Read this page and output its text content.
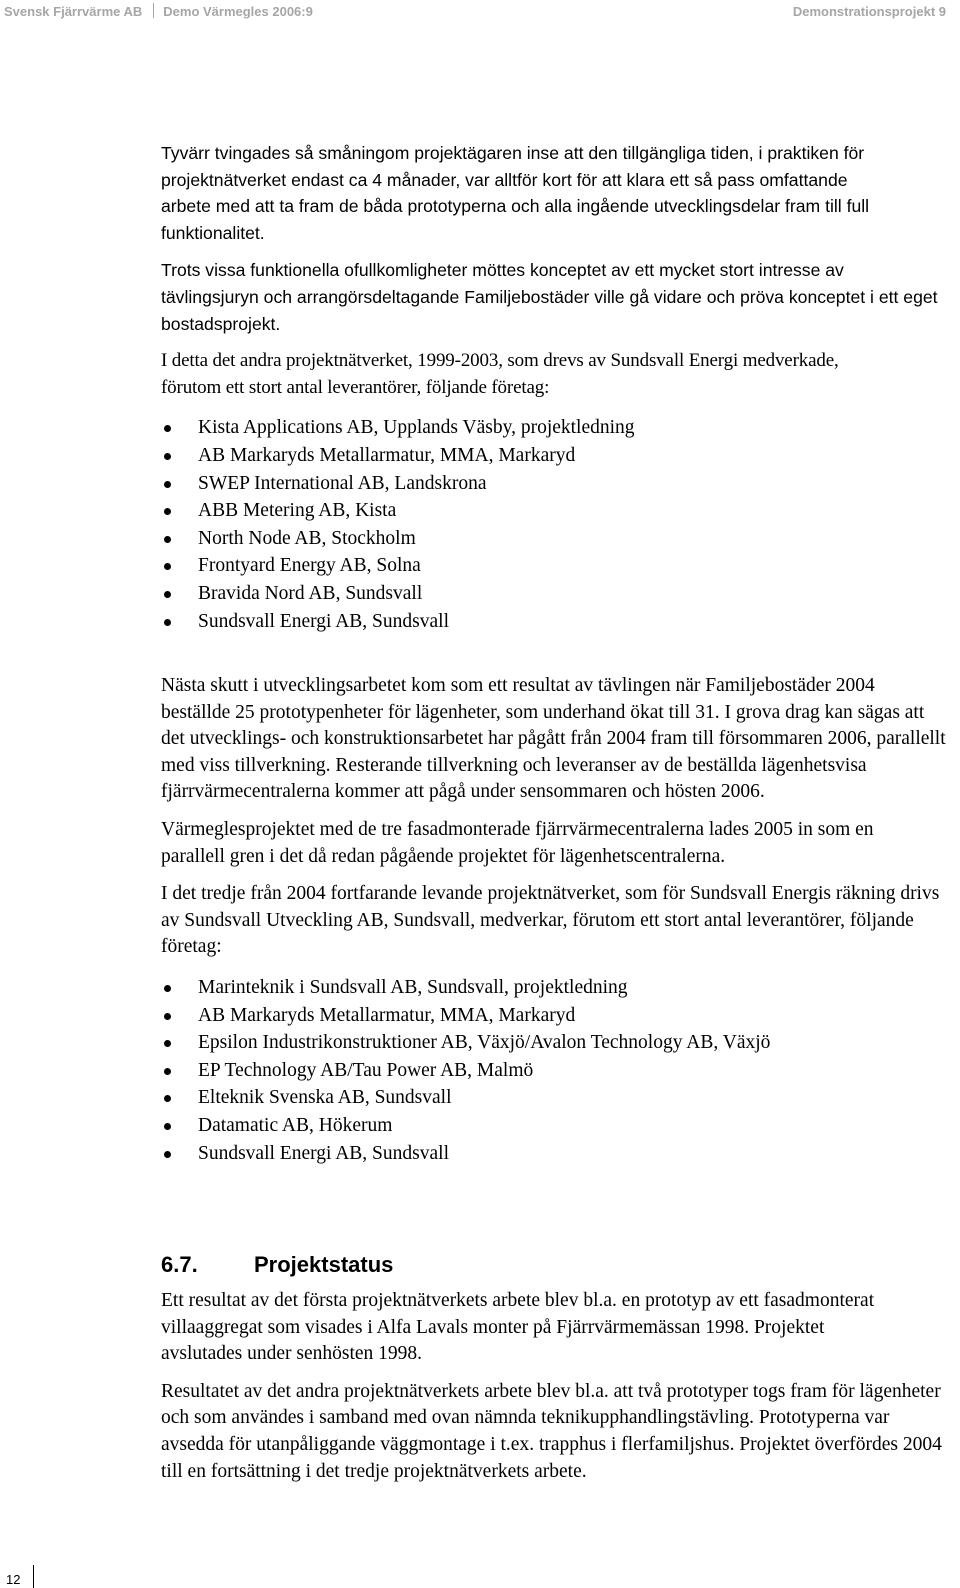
Svensk Fjärrvärme AB Demo Värmegles 2006:9	Demonstrationsprojekt 9

Tyvärr tvingades så småningom projektägaren inse att den tillgängliga tiden, i praktiken för projektnätverket endast ca 4 månader, var alltför kort för att klara ett så pass omfattande arbete med att ta fram de båda prototyperna och alla ingående utvecklingsdelar fram till full funktionalitet.

Trots vissa funktionella ofullkomligheter möttes konceptet av ett mycket stort intresse av tävlingsjuryn och arrangörsdeltagande Familjebostäder ville gå vidare och pröva konceptet i ett eget bostadsprojekt.

I detta det andra projektnätverket, 1999-2003, som drevs av Sundsvall Energi medverkade, förutom ett stort antal leverantörer, följande företag:

Kista Applications AB, Upplands Väsby, projektledning
AB Markaryds Metallarmatur, MMA, Markaryd
SWEP International AB, Landskrona
ABB Metering AB, Kista
North Node AB, Stockholm
Frontyard Energy AB, Solna
Bravida Nord AB, Sundsvall
Sundsvall Energi AB, Sundsvall

Nästa skutt i utvecklingsarbetet kom som ett resultat av tävlingen när Familjebostäder 2004 beställde 25 prototypenheter för lägenheter, som underhand ökat till 31. I grova drag kan sägas att det utvecklings- och konstruktionsarbetet har pågått från 2004 fram till försommaren 2006, parallellt med viss tillverkning. Resterande tillverkning och leveranser av de beställda lägenhetsvisa fjärrvärmecentralerna kommer att pågå under sensommaren och hösten 2006.

Värmeglesprojektet med de tre fasadmonterade fjärrvärmecentralerna lades 2005 in som en parallell gren i det då redan pågående projektet för lägenhetscentralerna.

I det tredje från 2004 fortfarande levande projektnätverket, som för Sundsvall Energis räkning drivs av Sundsvall Utveckling AB, Sundsvall, medverkar, förutom ett stort antal leverantörer, följande företag:

Marinteknik i Sundsvall AB, Sundsvall, projektledning
AB Markaryds Metallarmatur, MMA, Markaryd
Epsilon Industrikonstruktioner AB, Växjö/Avalon Technology AB, Växjö
EP Technology AB/Tau Power AB, Malmö
Elteknik Svenska AB, Sundsvall
Datamatic AB, Hökerum
Sundsvall Energi AB, Sundsvall
6.7.	Projektstatus

Ett resultat av det första projektnätverkets arbete blev bl.a. en prototyp av ett fasadmonterat villaaggregat som visades i Alfa Lavals monter på Fjärrvärmemässan 1998. Projektet avslutades under senhösten 1998.

Resultatet av det andra projektnätverkets arbete blev bl.a. att två prototyper togs fram för lägenheter och som användes i samband med ovan nämnda teknikupphandlingstävling. Prototyperna var avsedda för utanpåliggande väggmontage i t.ex. trapphus i flerfamiljshus. Projektet överfördes 2004 till en fortsättning i det tredje projektnätverkets arbete.

12
